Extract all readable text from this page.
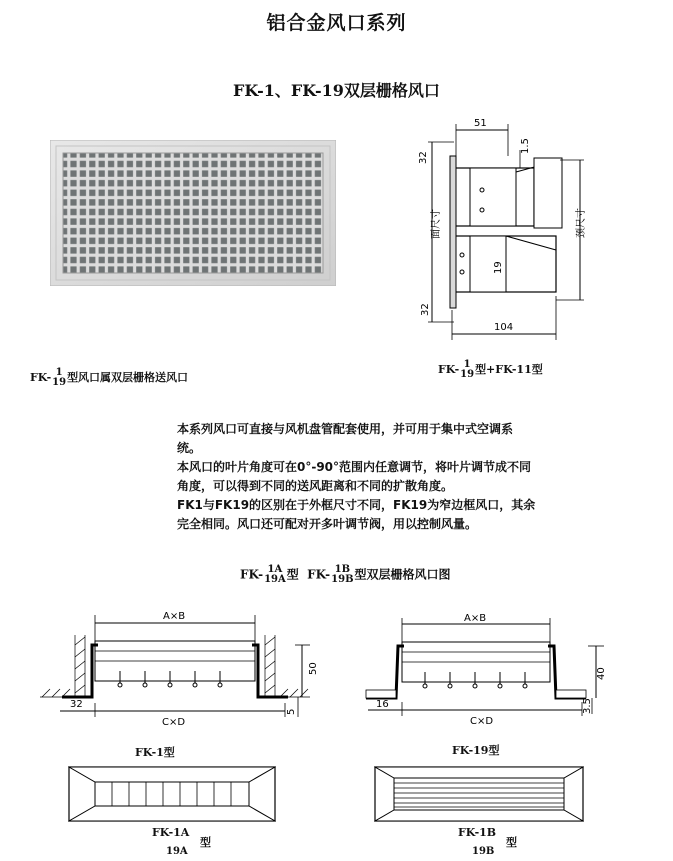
铝合金风口系列
FK-1、FK-19双层栅格风口
FK- 1
19 型风口属双层栅格送风口
51
32
1.5
19
面尺寸	颈尺寸
32
104
FK- 1
19 型+FK-11型

本系列风口可直接与风机盘管配套使用，并可用于集中式空调系

统。

本风口的叶片角度可在0°-90°范围内任意调节，将叶片调节成不同

角度，可以得到不同的送风距离和不同的扩散角度。

FK1与FK19的区别在于外框尺寸不同，FK19为窄边框风口，其余

完全相同。风口还可配对开多叶调节阀，用以控制风量。

FK- 1A
19A 型  FK- 1B
19B 型双层栅格风口图
A×B
C×D
32
50
5
FK-1型
A×B
C×D
16
40
3.5
FK-19型
FK-1A
型
19A
FK-1B
型
19B
